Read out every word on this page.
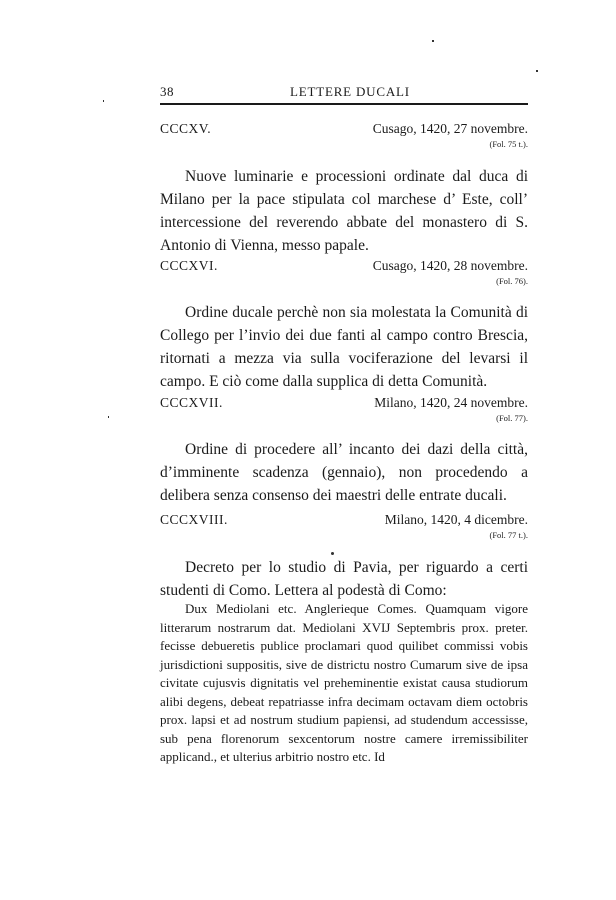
38	LETTERE DUCALI
CCCXV.	Cusago, 1420, 27 novembre.
(Fol. 75 t.).

Nuove luminarie e processioni ordinate dal duca di Milano per la pace stipulata col marchese d’ Este, coll’ intercessione del reverendo abbate del monastero di S. Antonio di Vienna, messo papale.

CCCXVI.	Cusago, 1420, 28 novembre.
(Fol. 76).

Ordine ducale perchè non sia molestata la Comunità di Collego per l’invio dei due fanti al campo contro Brescia, ritornati a mezza via sulla vociferazione del levarsi il campo. E ciò come dalla supplica di detta Comunità.

CCCXVII.	Milano, 1420, 24 novembre.
(Fol. 77).

Ordine di procedere all’ incanto dei dazi della città, d’imminente scadenza (gennaio), non procedendo a delibera senza consenso dei maestri delle entrate ducali.

CCCXVIII.	Milano, 1420, 4 dicembre.
(Fol. 77 t.).

Decreto per lo studio di Pavia, per riguardo a certi studenti di Como. Lettera al podestà di Como:

Dux Mediolani etc. Anglerieque Comes. Quamquam vigore litterarum nostrarum dat. Mediolani XVIJ Septembris prox. preter. fecisse debueretis publice proclamari quod quilibet commissi vobis jurisdictioni suppositis, sive de districtu nostro Cumarum sive de ipsa civitate cujusvis dignitatis vel preheminentie existat causa studiorum alibi degens, debeat repatriasse infra decimam octavam diem octobris prox. lapsi et ad nostrum studium papiensi, ad studendum accessisse, sub pena florenorum sexcentorum nostre camere irremissibiliter applicand., et ulterius arbitrio nostro etc. Id
